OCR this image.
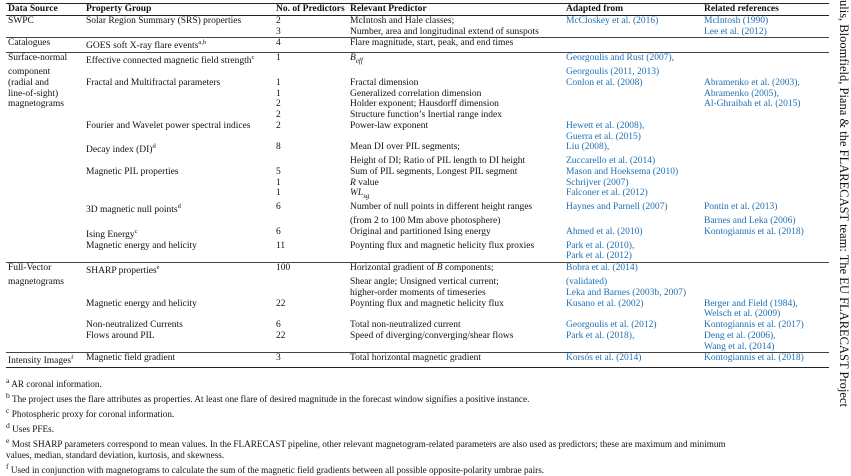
Data Source	Property Group	No. of Predictors	Relevant Predictor	Adapted from	Related references
SWPC	Solar Region Summary (SRS) properties	2	McIntosh and Hale classes;	McCloskey et al. (2016)	McIntosh (1990)
		3	Number, area and longitudinal extend of sunspots		Lee et al. (2012)
Catalogues	GOES soft X-ray flare events$^{a,b}$	4	Flare magnitude, start, peak, and end times		
Surface-normal	Effective connected magnetic field strength$^c$	1	$B_{eff}$	Georgoulis and Rust (2007),	
component				Georgoulis (2011, 2013)	
(radial and	Fractal and Multifractal parameters	1	Fractal dimension	Conlon et al. (2008)	Abramenko et al. (2003),
line-of-sight)		1	Generalized correlation dimension		Abramenko (2005),
magnetograms		2	Holder exponent; Hausdorff dimension		Al-Ghraibah et al. (2015)
		2	Structure function’s Inertial range index		
	Fourier and Wavelet power spectral indices	2	Power-law exponent	Hewett et al. (2008),	
				Guerra et al. (2015)	
	Decay index (DI)$^d$	8	Mean DI over PIL segments;	Liu (2008),	
			Height of DI; Ratio of PIL length to DI height	Zuccarello et al. (2014)	
	Magnetic PIL properties	5	Sum of PIL segments, Longest PIL segment	Mason and Hoeksema (2010)	
		1	R value	Schrijver (2007)	
		1	$WL_{sg}$	Falconer et al. (2012)	
	3D magnetic null points$^d$	6	Number of null points in different height ranges	Haynes and Parnell (2007)	Pontin et al. (2013)
			(from 2 to 100 Mm above photosphere)		Barnes and Leka (2006)
	Ising Energy$^c$	6	Original and partitioned Ising energy	Ahmed et al. (2010)	Kontogiannis et al. (2018)
	Magnetic energy and helicity	11	Poynting flux and magnetic helicity flux proxies	Park et al. (2010),	
				Park et al. (2012)	
Full-Vector	SHARP properties$^e$	100	Horizontal gradient of B components;	Bobra et al. (2014)	
magnetograms			Shear angle; Unsigned vertical current;	(validated)	
			higher-order moments of timeseries	Leka and Barnes (2003b, 2007)	
	Magnetic energy and helicity	22	Poynting flux and magnetic helicity flux	Kusano et al. (2002)	Berger and Field (1984),
					Welsch et al. (2009)
	Non-neutralized Currents	6	Total non-neutralized current	Georgoulis et al. (2012)	Kontogiannis et al. (2017)
	Flows around PIL	22	Speed of diverging/converging/shear flows	Park et al. (2018),	Deng et al. (2006),
					Wang et al. (2014)
Intensity Images$^f$	Magnetic field gradient	3	Total horizontal magnetic gradient	Korsós et al. (2014)	Kontogiannis et al. (2018)

$^a$ AR coronal information.

$^b$ The project uses the flare attributes as properties. At least one flare of desired magnitude in the forecast window signifies a positive instance.

$^c$ Photospheric proxy for coronal information.

$^d$ Uses PFEs.

$^e$ Most SHARP parameters correspond to mean values. In the FLARECAST pipeline, other relevant magnetogram-related parameters are also used as predictors; these are maximum and minimum

values, median, standard deviation, kurtosis, and skewness.

$^f$ Used in conjunction with magnetograms to calculate the sum of the magnetic field gradients between all possible opposite-polarity umbrae pairs.

ulis, Bloomfield, Piana & the FLARECAST team: The EU FLARECAST Project
